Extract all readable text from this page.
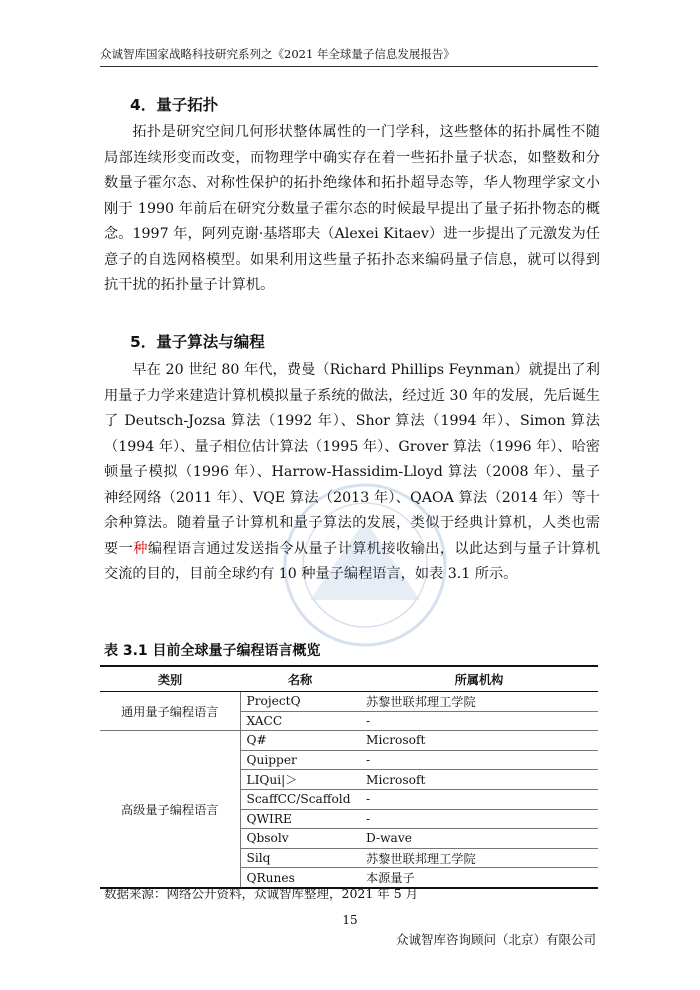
众诚智库国家战略科技研究系列之《2021 年全球量子信息发展报告》
4．量子拓扑
拓扑是研究空间几何形状整体属性的一门学科，这些整体的拓扑属性不随局部连续形变而改变，而物理学中确实存在着一些拓扑量子状态，如整数和分数量子霍尔态、对称性保护的拓扑绝缘体和拓扑超导态等，华人物理学家文小刚于 1990 年前后在研究分数量子霍尔态的时候最早提出了量子拓扑物态的概念。1997 年，阿列克谢·基塔耶夫（Alexei Kitaev）进一步提出了元激发为任意子的自选网格模型。如果利用这些量子拓扑态来编码量子信息，就可以得到抗干扰的拓扑量子计算机。
5．量子算法与编程
早在 20 世纪 80 年代，费曼（Richard Phillips Feynman）就提出了利用量子力学来建造计算机模拟量子系统的做法，经过近 30 年的发展，先后诞生了 Deutsch-Jozsa 算法（1992 年）、Shor 算法（1994 年）、Simon 算法（1994 年）、量子相位估计算法（1995 年）、Grover 算法（1996 年）、哈密顿量子模拟（1996 年）、Harrow-Hassidim-Lloyd 算法（2008 年）、量子神经网络（2011 年）、VQE 算法（2013 年）、QAOA 算法（2014 年）等十余种算法。随着量子计算机和量子算法的发展，类似于经典计算机，人类也需要一种编程语言通过发送指令从量子计算机接收输出，以此达到与量子计算机交流的目的，目前全球约有 10 种量子编程语言，如表 3.1 所示。
表 3.1 目前全球量子编程语言概览
类别	名称	所属机构
通用量子编程语言	ProjectQ	苏黎世联邦理工学院
	XACC	-
高级量子编程语言	Q#	Microsoft
	Quipper	-
	LIQui|＞	Microsoft
	ScaffCC/Scaffold	-
	QWIRE	-
	Qbsolv	D-wave
	Silq	苏黎世联邦理工学院
	QRunes	本源量子
数据来源：网络公开资料，众诚智库整理，2021 年 5 月
15
众诚智库咨询顾问（北京）有限公司
